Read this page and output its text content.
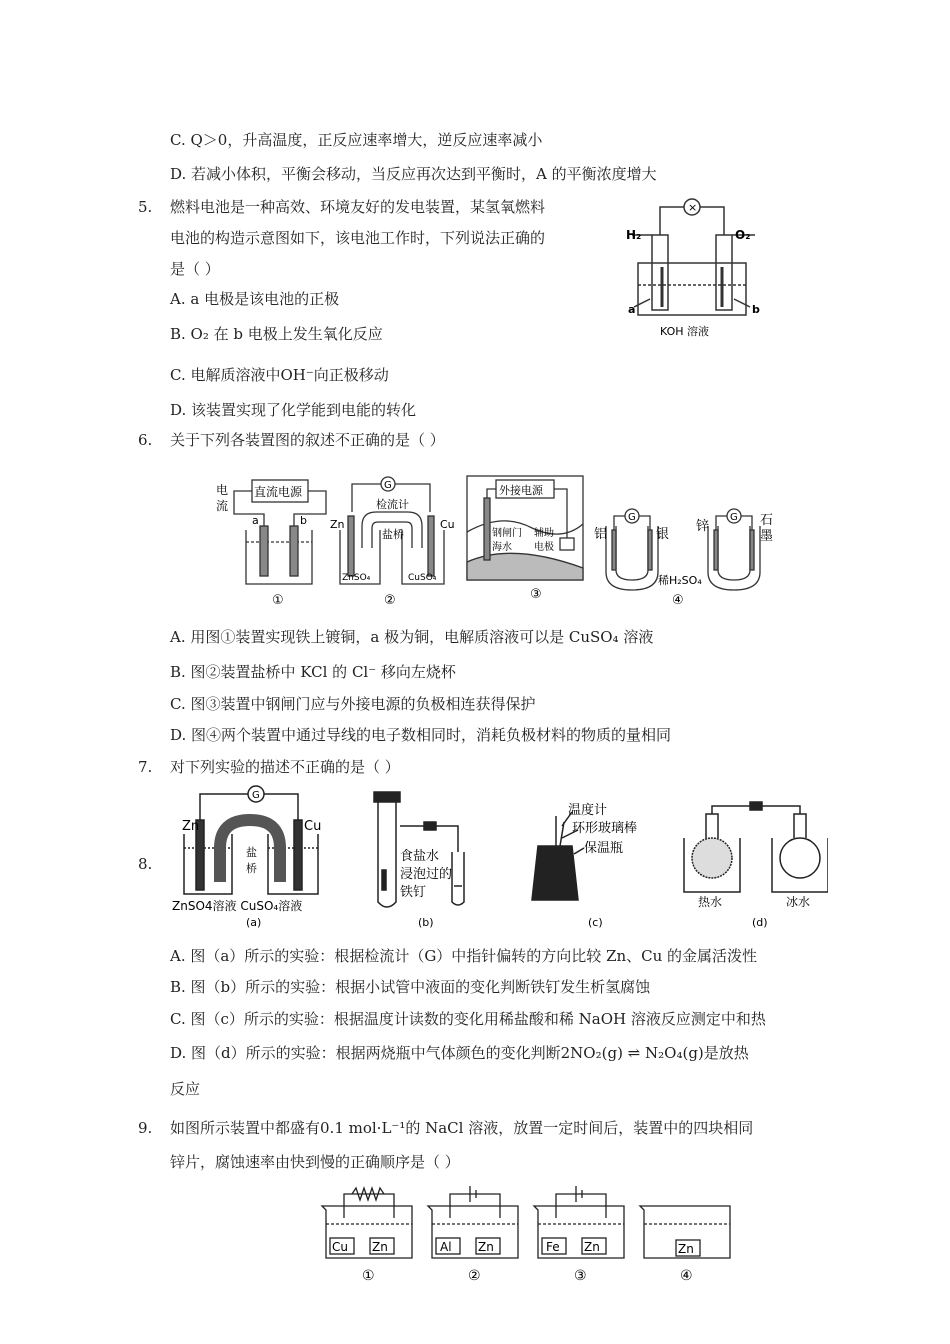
C. Q＞0，升高温度，正反应速率增大，逆反应速率减小
D. 若减小体积，平衡会移动，当反应再次达到平衡时，A 的平衡浓度增大
5. 燃料电池是一种高效、环境友好的发电装置，某氢氧燃料
电池的构造示意图如下，该电池工作时，下列说法正确的
是（ ）
A. a 电极是该电池的正极
B. O₂ 在 b 电极上发生氧化反应
C. 电解质溶液中OH⁻向正极移动
D. 该装置实现了化学能到电能的转化
×
H₂	O₂
a	b
KOH 溶液
6. 关于下列各装置图的叙述不正确的是（ ）
直流电源
电
流
a	b
①
G
检流计
盐桥
Zn	Cu
ZnSO₄	CuSO₄
②
外接电源
钢闸门
海水
辅助
电极
③
G	G
铝	银
锌	石
墨
稀H₂SO₄
④
A. 用图①装置实现铁上镀铜，a 极为铜，电解质溶液可以是 CuSO₄ 溶液
B. 图②装置盐桥中 KCl 的 Cl⁻ 移向左烧杯
C. 图③装置中钢闸门应与外接电源的负极相连获得保护
D. 图④两个装置中通过导线的电子数相同时，消耗负极材料的物质的量相同
7. 对下列实验的描述不正确的是（ ）
8.
G
Zn	Cu
盐
桥
ZnSO4溶液 CuSO₄溶液
(a)
食盐水
浸泡过的
铁钉
(b)
温度计
环形玻璃棒
保温瓶
(c)
热水	冰水
(d)
A. 图（a）所示的实验：根据检流计（G）中指针偏转的方向比较 Zn、Cu 的金属活泼性
B. 图（b）所示的实验：根据小试管中液面的变化判断铁钉发生析氢腐蚀
C. 图（c）所示的实验：根据温度计读数的变化用稀盐酸和稀 NaOH 溶液反应测定中和热
D. 图（d）所示的实验：根据两烧瓶中气体颜色的变化判断2NO₂(g) ⇌ N₂O₄(g)是放热
反应
9. 如图所示装置中都盛有0.1 mol·L⁻¹的 NaCl 溶液，放置一定时间后，装置中的四块相同
锌片，腐蚀速率由快到慢的正确顺序是（ ）
Cu Zn
①
Al Zn
②
Fe Zn
③
Zn
④
